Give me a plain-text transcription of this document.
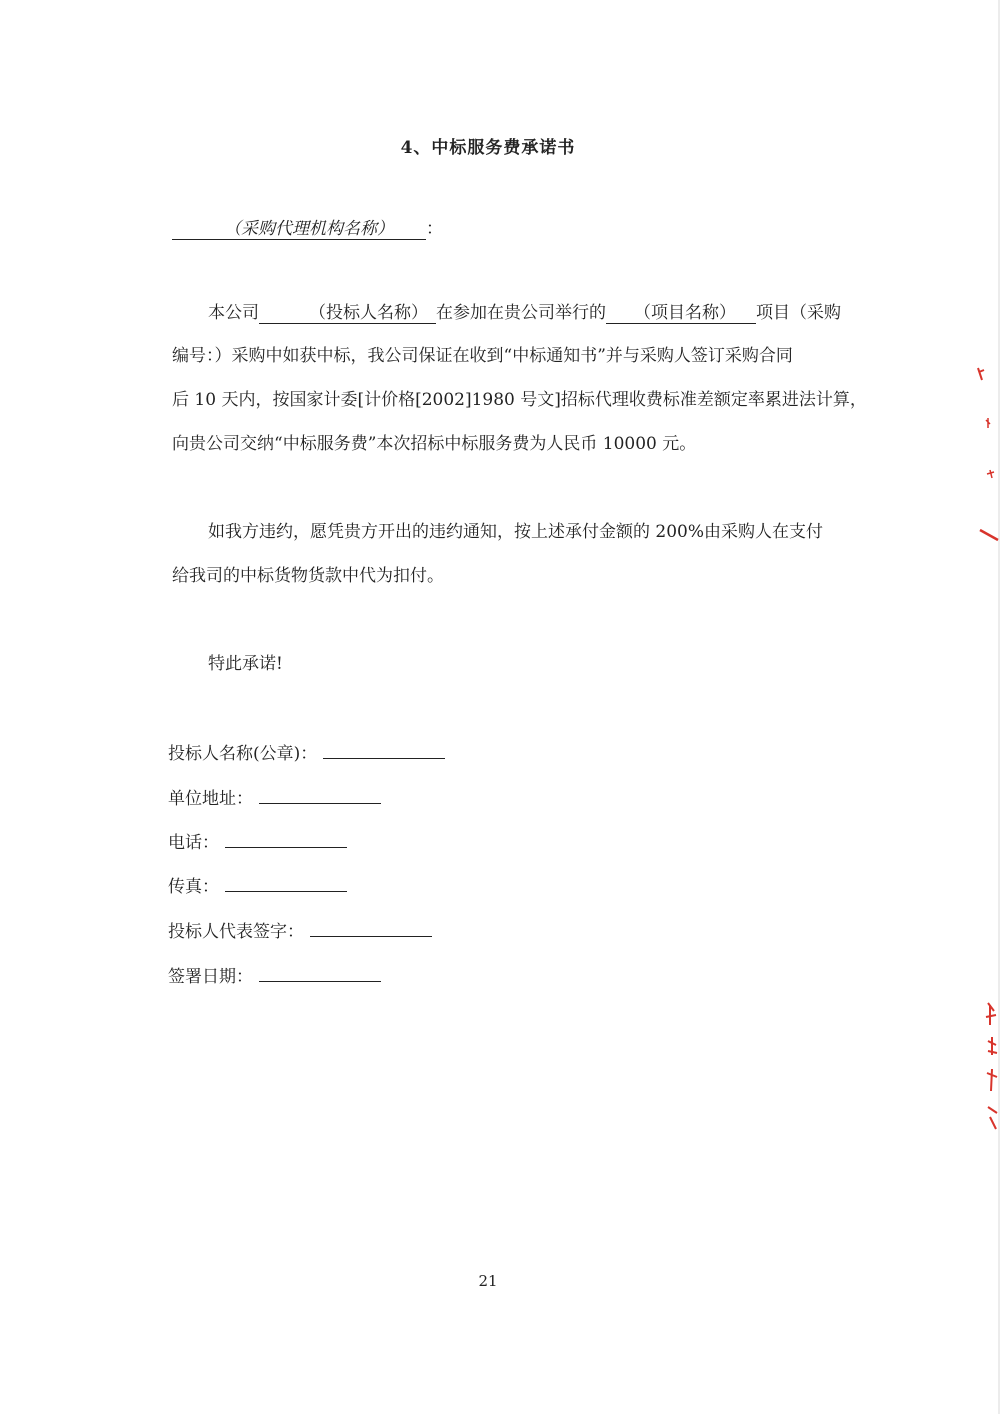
4、中标服务费承诺书
（采购代理机构名称） ：
本公司	（投标人名称） 在参加在贵公司举行的 （项目名称） 项目（采购
编号：）采购中如获中标，我公司保证在收到“中标通知书”并与采购人签订采购合同
后 10 天内，按国家计委[计价格[2002]1980 号文]招标代理收费标准差额定率累进法计算，
向贵公司交纳“中标服务费”本次招标中标服务费为人民币 10000 元。
如我方违约，愿凭贵方开出的违约通知，按上述承付金额的 200%由采购人在支付
给我司的中标货物货款中代为扣付。
特此承诺!
投标人名称(公章)：
单位地址：
电话：
传真：
投标人代表签字：
签署日期：
21
